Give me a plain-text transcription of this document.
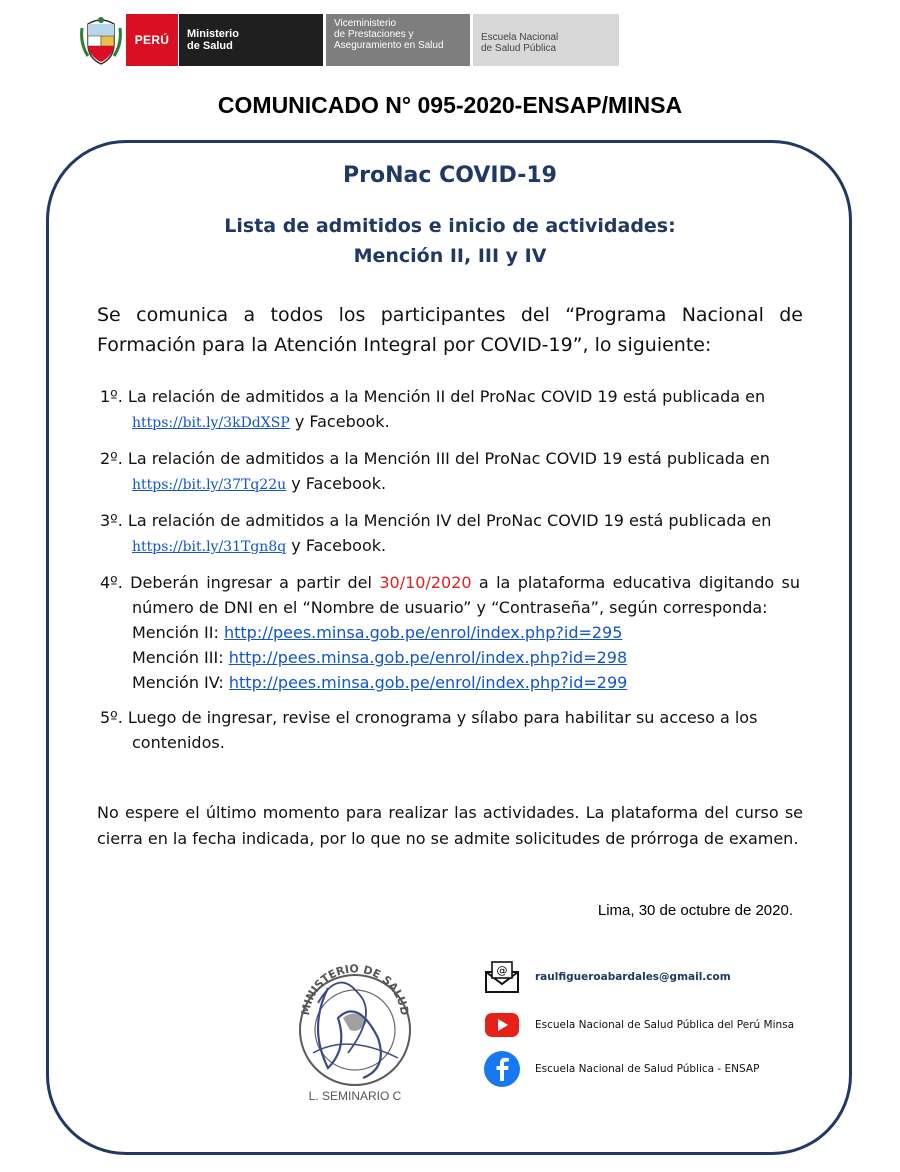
PERÚ	Ministerio
de Salud
Viceministerio
de Prestaciones y
Aseguramiento en Salud
Escuela Nacional
de Salud Pública
COMUNICADO N° 095-2020-ENSAP/MINSA
ProNac COVID-19
Lista de admitidos e inicio de actividades:
Mención II, III y IV
Se comunica a todos los participantes del “Programa Nacional de Formación para la Atención Integral por COVID-19”, lo siguiente:
1º. La relación de admitidos a la Mención II del ProNac COVID 19 está publicada en https://bit.ly/3kDdXSP y Facebook.
2º. La relación de admitidos a la Mención III del ProNac COVID 19 está publicada en https://bit.ly/37Tq22u y Facebook.
3º. La relación de admitidos a la Mención IV del ProNac COVID 19 está publicada en https://bit.ly/31Tgn8q y Facebook.
4º. Deberán ingresar a partir del 30/10/2020 a la plataforma educativa digitando su número de DNI en el “Nombre de usuario” y “Contraseña”, según corresponda:
Mención II: http://pees.minsa.gob.pe/enrol/index.php?id=295
Mención III: http://pees.minsa.gob.pe/enrol/index.php?id=298
Mención IV: http://pees.minsa.gob.pe/enrol/index.php?id=299
5º. Luego de ingresar, revise el cronograma y sílabo para habilitar su acceso a los contenidos.
No espere el último momento para realizar las actividades. La plataforma del curso se cierra en la fecha indicada, por lo que no se admite solicitudes de prórroga de examen.
Lima, 30 de octubre de 2020.
MINISTERIO DE SALUD
L. SEMINARIO C
@	raulfigueroabardales@gmail.com
Escuela Nacional de Salud Pública del Perú Minsa
Escuela Nacional de Salud Pública - ENSAP
